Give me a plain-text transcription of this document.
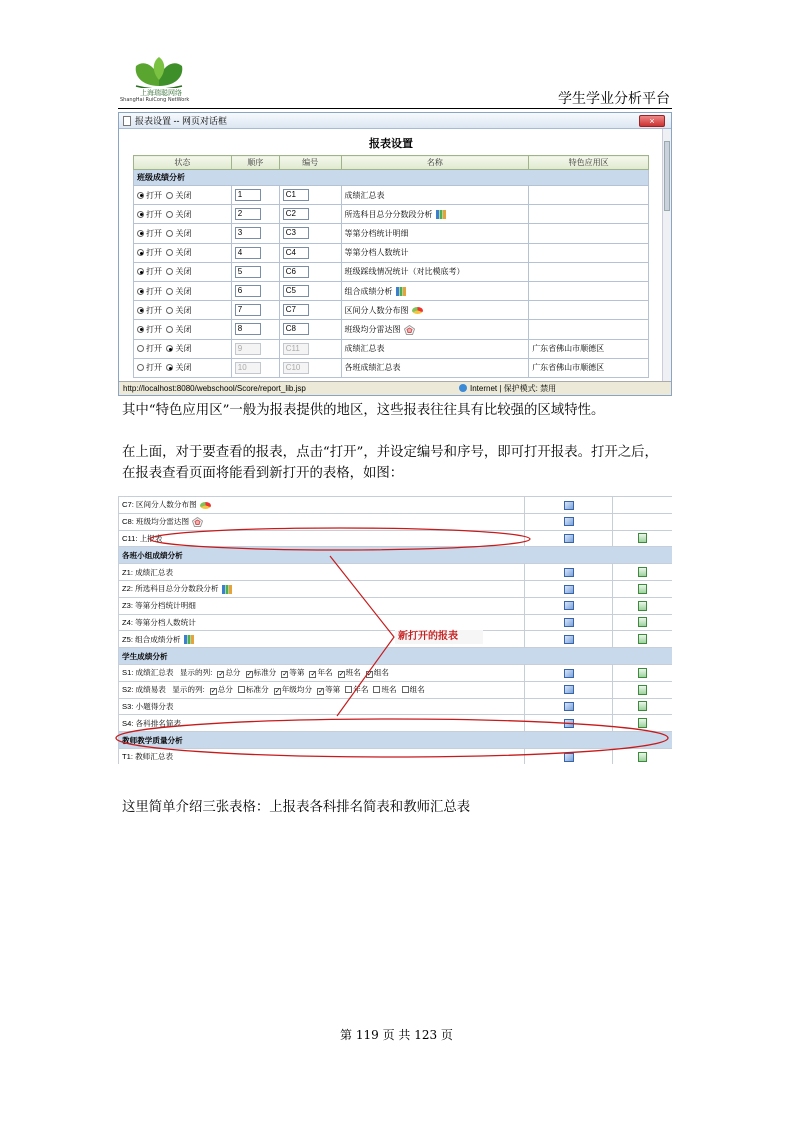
上海瑞聪网络
ShangHai RuiCong NetWork	学生学业分析平台
报表设置 -- 网页对话框	×
报表设置
状态	顺序	编号	名称	特色应用区
班级成绩分析				
打开 关闭	1	C1	成绩汇总表	
打开 关闭	2	C2	所选科目总分分数段分析	
打开 关闭	3	C3	等第分档统计明细	
打开 关闭	4	C4	等第分档人数统计	
打开 关闭	5	C6	班级踩线情况统计（对比模底考）	
打开 关闭	6	C5	组合成绩分析	
打开 关闭	7	C7	区间分人数分布图	
打开 关闭	8	C8	班级均分雷达图	
打开 关闭	9	C11	成绩汇总表	广东省佛山市顺德区
打开 关闭	10	C10	各班成绩汇总表	广东省佛山市顺德区
http://localhost:8080/webschool/Score/report_lib.jsp	Internet | 保护模式: 禁用

其中“特色应用区”一般为报表提供的地区，这些报表往往具有比较强的区域特性。

在上面，对于要查看的报表，点击“打开”，并设定编号和序号，即可打开报表。打开之后，

在报表查看页面将能看到新打开的表格，如图：

C7: 区间分人数分布图		
C8: 班级均分雷达图		
C11: 上报表		
各班小组成绩分析		
Z1: 成绩汇总表		
Z2: 所选科目总分分数段分析		
Z3: 等第分档统计明细		
Z4: 等第分档人数统计		
Z5: 组合成绩分析		
学生成绩分析		
S1: 成绩汇总表 显示的列: ✓总分 ✓标准分 ✓等第 ✓年名 ✓班名 ✓组名		
S2: 成绩易表 显示的列: ✓总分 标准分 ✓年级均分 ✓等第 年名 班名 组名		
S3: 小题得分表		
S4: 各科排名简表		
教师教学质量分析		
T1: 教师汇总表		
新打开的报表

这里简单介绍三张表格：上报表各科排名简表和教师汇总表

第 119 页 共 123 页
